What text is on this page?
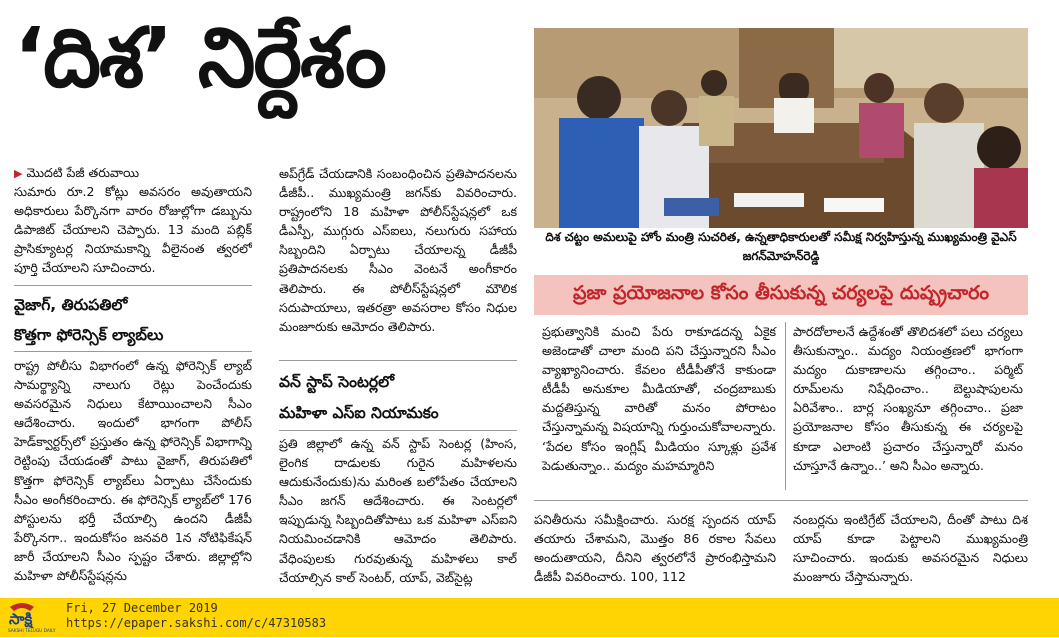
‘దిశ’ నిర్దేశం
▶ మొదటి పేజీ తరువాయి

సుమారు రూ.2 కోట్లు అవసరం అవుతాయని అధికారులు పేర్కొనగా వారం రోజుల్లోగా డబ్బును డిపాజిట్‌ చేయాలని చెప్పారు. 13 మంది పబ్లిక్‌ ప్రాసిక్యూటర్ల నియామకాన్ని వీలైనంత త్వరలో పూర్తి చేయాలని సూచించారు.

వైజాగ్‌, తిరుపతిలో
కొత్తగా ఫోరెన్సిక్‌ ల్యాబ్‌లు

రాష్ట్ర పోలీసు విభాగంలో ఉన్న ఫోరెన్సిక్‌ ల్యాబ్‌ సామర్థ్యాన్ని నాలుగు రెట్లు పెంచేందుకు అవసరమైన నిధులు కేటాయించాలని సీఎం ఆదేశించారు. ఇందులో భాగంగా పోలీస్‌ హెడ్‌క్వార్టర్స్‌లో ప్రస్తుతం ఉన్న ఫోరెన్సిక్‌ విభాగాన్ని రెట్టింపు చేయడంతో పాటు వైజాగ్‌, తిరుపతిలో కొత్తగా ఫోరెన్సిక్‌ ల్యాబ్‌లు ఏర్పాటు చేసేందుకు సీఎం అంగీకరించారు. ఈ ఫోరెన్సిక్‌ ల్యాబ్‌లో 176 పోస్టులను భర్తీ చేయాల్సి ఉందని డీజీపీ పేర్కొనగా.. ఇందుకోసం జనవరి 1న నోటిఫికేషన్‌ జారీ చేయాలని సీఎం స్పష్టం చేశారు. జిల్లాల్లోని మహిళా పోలీస్‌స్టేషన్లను

అప్‌గ్రేడ్‌ చేయడానికి సంబంధించిన ప్రతిపాదనలను డీజీపీ.. ముఖ్యమంత్రి జగన్‌కు వివరించారు. రాష్ట్రంలోని 18 మహిళా పోలీస్‌స్టేషన్లలో ఒక డీఎస్పీ, ముగ్గురు ఎస్‌ఐలు, నలుగురు సహాయ సిబ్బందిని ఏర్పాటు చేయాలన్న డీజీపీ ప్రతిపాదనలకు సీఎం వెంటనే అంగీకారం తెలిపారు. ఈ పోలీస్‌స్టేషన్లలో మౌలిక సదుపాయాలు, ఇతరత్రా అవసరాల కోసం నిధుల మంజూరుకు ఆమోదం తెలిపారు.

వన్‌ స్టాప్‌ సెంటర్లలో
మహిళా ఎస్‌ఐ నియామకం

ప్రతి జిల్లాలో ఉన్న వన్‌ స్టాప్‌ సెంటర్ల (హింస, లైంగిక దాడులకు గురైన మహిళలను ఆదుకునేందుకు)ను మరింత బలోపేతం చేయాలని సీఎం జగన్‌ ఆదేశించారు. ఈ సెంటర్లలో ఇప్పుడున్న సిబ్బందితోపాటు ఒక మహిళా ఎస్‌ఐని నియమించడానికి ఆమోదం తెలిపారు. వేధింపులకు గురవుతున్న మహిళలు కాల్‌ చేయాల్సిన కాల్‌ సెంటర్‌, యాప్‌, వెబ్‌సైట్ల

దిశ చట్టం అమలుపై హోం మంత్రి సుచరిత, ఉన్నతాధికారులతో సమీక్ష నిర్వహిస్తున్న ముఖ్యమంత్రి వైఎస్‌ జగన్‌మోహన్‌రెడ్డి
ప్రజా ప్రయోజనాల కోసం తీసుకున్న చర్యలపై దుష్ప్రచారం

ప్రభుత్వానికి మంచి పేరు రాకూడదన్న ఏకైక అజెండాతో చాలా మంది పని చేస్తున్నారని సీఎం వ్యాఖ్యానించారు. కేవలం టీడీపీతోనే కాకుండా టీడీపీ అనుకూల మీడియాతో, చంద్రబాబుకు మద్దతిస్తున్న వారితో మనం పోరాటం చేస్తున్నామన్న విషయాన్ని గుర్తుంచుకోవాలన్నారు. ‘పేదల కోసం ఇంగ్లిష్‌ మీడియం స్కూళ్లు ప్రవేశ పెడుతున్నాం.. మద్యం మహమ్మారిని

పారదోలాలనే ఉద్దేశంతో తొలిదశలో పలు చర్యలు తీసుకున్నాం.. మద్యం నియంత్రణలో భాగంగా మద్యం దుకాణాలను తగ్గించాం.. పర్మిట్‌ రూమ్‌లను నిషేధించాం.. బెల్టుషాపులను ఏరివేశాం.. బార్ల సంఖ్యనూ తగ్గించాం.. ప్రజా ప్రయోజనాల కోసం తీసుకున్న ఈ చర్యలపై కూడా ఎలాంటి ప్రచారం చేస్తున్నారో మనం చూస్తూనే ఉన్నాం..’ అని సీఎం అన్నారు.

పనితీరును సమీక్షించారు. సురక్ష స్పందన యాప్‌ తయారు చేశామని, మొత్తం 86 రకాల సేవలు అందుతాయని, దీనిని త్వరలోనే ప్రారంభిస్తామని డీజీపీ వివరించారు. 100, 112

నంబర్లను ఇంటిగ్రేట్‌ చేయాలని, దీంతో పాటు దిశ యాప్‌ కూడా పెట్టాలని ముఖ్యమంత్రి సూచించారు. ఇందుకు అవసరమైన నిధులు మంజూరు చేస్తామన్నారు.

సాక్షి
SAKSHI TELUGU DAILY
Fri, 27 December 2019
https://epaper.sakshi.com/c/47310583
